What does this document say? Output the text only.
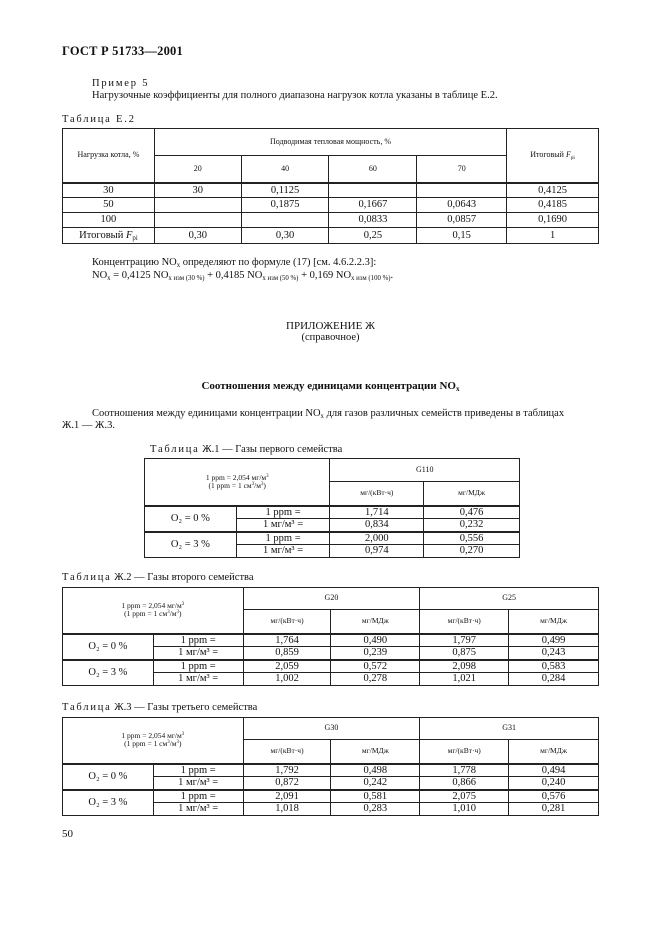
ГОСТ Р 51733—2001
Пример 5
Нагрузочные коэффициенты для полного диапазона нагрузок котла указаны в таблице Е.2.
Таблица Е.2
Нагрузка котла, %	Подводимая тепловая мощность, %				Итоговый $F_{pi}$
	20	40	60	70	
30	30	0,1125			0,4125
50		0,1875	0,1667	0,0643	0,4185
100			0,0833	0,0857	0,1690
Итоговый $F_{pi}$	0,30	0,30	0,25	0,15	1
Концентрацию $NO_x$ определяют по формуле (17) [см. 4.6.2.2.3]:
$NO_x = 0,4125$ $NO_{x изм (30 \%)} + 0,4185$ $NO_{x изм (50 \%)} + 0,169$ $NO_{x изм (100 \%)}$.
ПРИЛОЖЕНИЕ Ж
(справочное)
Соотношения между единицами концентрации $NO_x$
Соотношения между единицами концентрации $NO_x$ для газов различных семейств приведены в таблицах
Ж.1 — Ж.3.
Таблица Ж.1 — Газы первого семейства
1 ppm = 2,054 $мг/м^3$
(1 ppm = 1 $см^3/м^3$)		G110	
		мг/(кВт·ч)	мг/МДж
O₂ = 0 %	1 ppm =	1,714	0,476
	1 мг/м³ =	0,834	0,232
O₂ = 3 %	1 ppm =	2,000	0,556
	1 мг/м³ =	0,974	0,270
Таблица Ж.2 — Газы второго семейства
1 ppm = 2,054 $мг/м^3$
(1 ppm = 1 $см^3/м^3$)		G20		G25	
		мг/(кВт·ч)	мг/МДж	мг/(кВт·ч)	мг/МДж
O₂ = 0 %	1 ppm =	1,764	0,490	1,797	0,499
	1 мг/м³ =	0,859	0,239	0,875	0,243
O₂ = 3 %	1 ppm =	2,059	0,572	2,098	0,583
	1 мг/м³ =	1,002	0,278	1,021	0,284
Таблица Ж.3 — Газы третьего семейства
1 ppm = 2,054 $мг/м^3$
(1 ppm = 1 $см^3/м^3$)		G30		G31	
		мг/(кВт·ч)	мг/МДж	мг/(кВт·ч)	мг/МДж
O₂ = 0 %	1 ppm =	1,792	0,498	1,778	0,494
	1 мг/м³ =	0,872	0,242	0,866	0,240
O₂ = 3 %	1 ppm =	2,091	0,581	2,075	0,576
	1 мг/м³ =	1,018	0,283	1,010	0,281
50
